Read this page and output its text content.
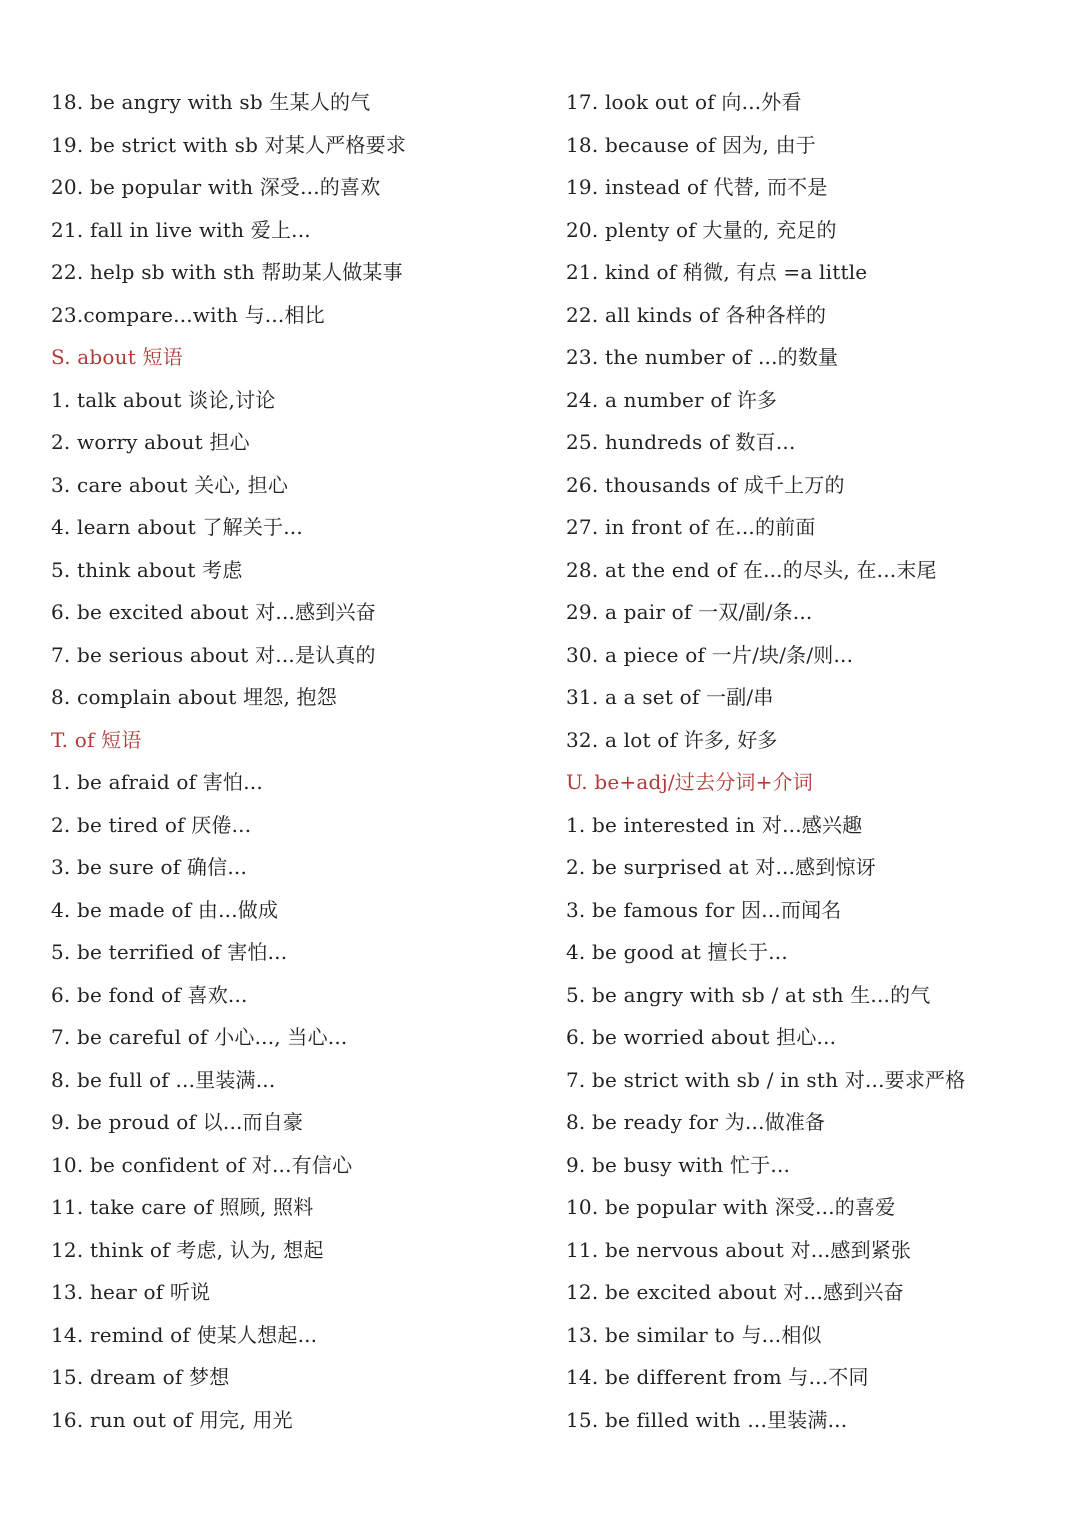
18. be angry with sb 生某人的气
19. be strict with sb 对某人严格要求
20. be popular with 深受...的喜欢
21. fall in live with 爱上...
22. help sb with sth 帮助某人做某事
23.compare...with 与...相比
S. about 短语
1. talk about 谈论,讨论
2. worry about 担心
3. care about 关心, 担心
4. learn about 了解关于...
5. think about 考虑
6. be excited about 对...感到兴奋
7. be serious about 对...是认真的
8. complain about 埋怨, 抱怨
T. of 短语
1. be afraid of 害怕...
2. be tired of 厌倦...
3. be sure of 确信...
4. be made of 由...做成
5. be terrified of 害怕...
6. be fond of 喜欢...
7. be careful of 小心..., 当心...
8. be full of ...里装满...
9. be proud of 以...而自豪
10. be confident of 对...有信心
11. take care of 照顾, 照料
12. think of 考虑, 认为, 想起
13. hear of 听说
14. remind of 使某人想起...
15. dream of 梦想
16. run out of 用完, 用光
17. look out of 向...外看
18. because of 因为, 由于
19. instead of 代替, 而不是
20. plenty of 大量的, 充足的
21. kind of 稍微, 有点 =a little
22. all kinds of 各种各样的
23. the number of ...的数量
24. a number of 许多
25. hundreds of 数百...
26. thousands of 成千上万的
27. in front of 在...的前面
28. at the end of 在...的尽头, 在...末尾
29. a pair of 一双/副/条...
30. a piece of 一片/块/条/则...
31. a a set of 一副/串
32. a lot of 许多, 好多
U. be+adj/过去分词+介词
1. be interested in 对...感兴趣
2. be surprised at 对...感到惊讶
3. be famous for 因...而闻名
4. be good at 擅长于...
5. be angry with sb / at sth 生...的气
6. be worried about 担心...
7. be strict with sb / in sth 对...要求严格
8. be ready for 为...做准备
9. be busy with 忙于...
10. be popular with 深受...的喜爱
11. be nervous about 对...感到紧张
12. be excited about 对...感到兴奋
13. be similar to 与...相似
14. be different from 与...不同
15. be filled with ...里装满...
